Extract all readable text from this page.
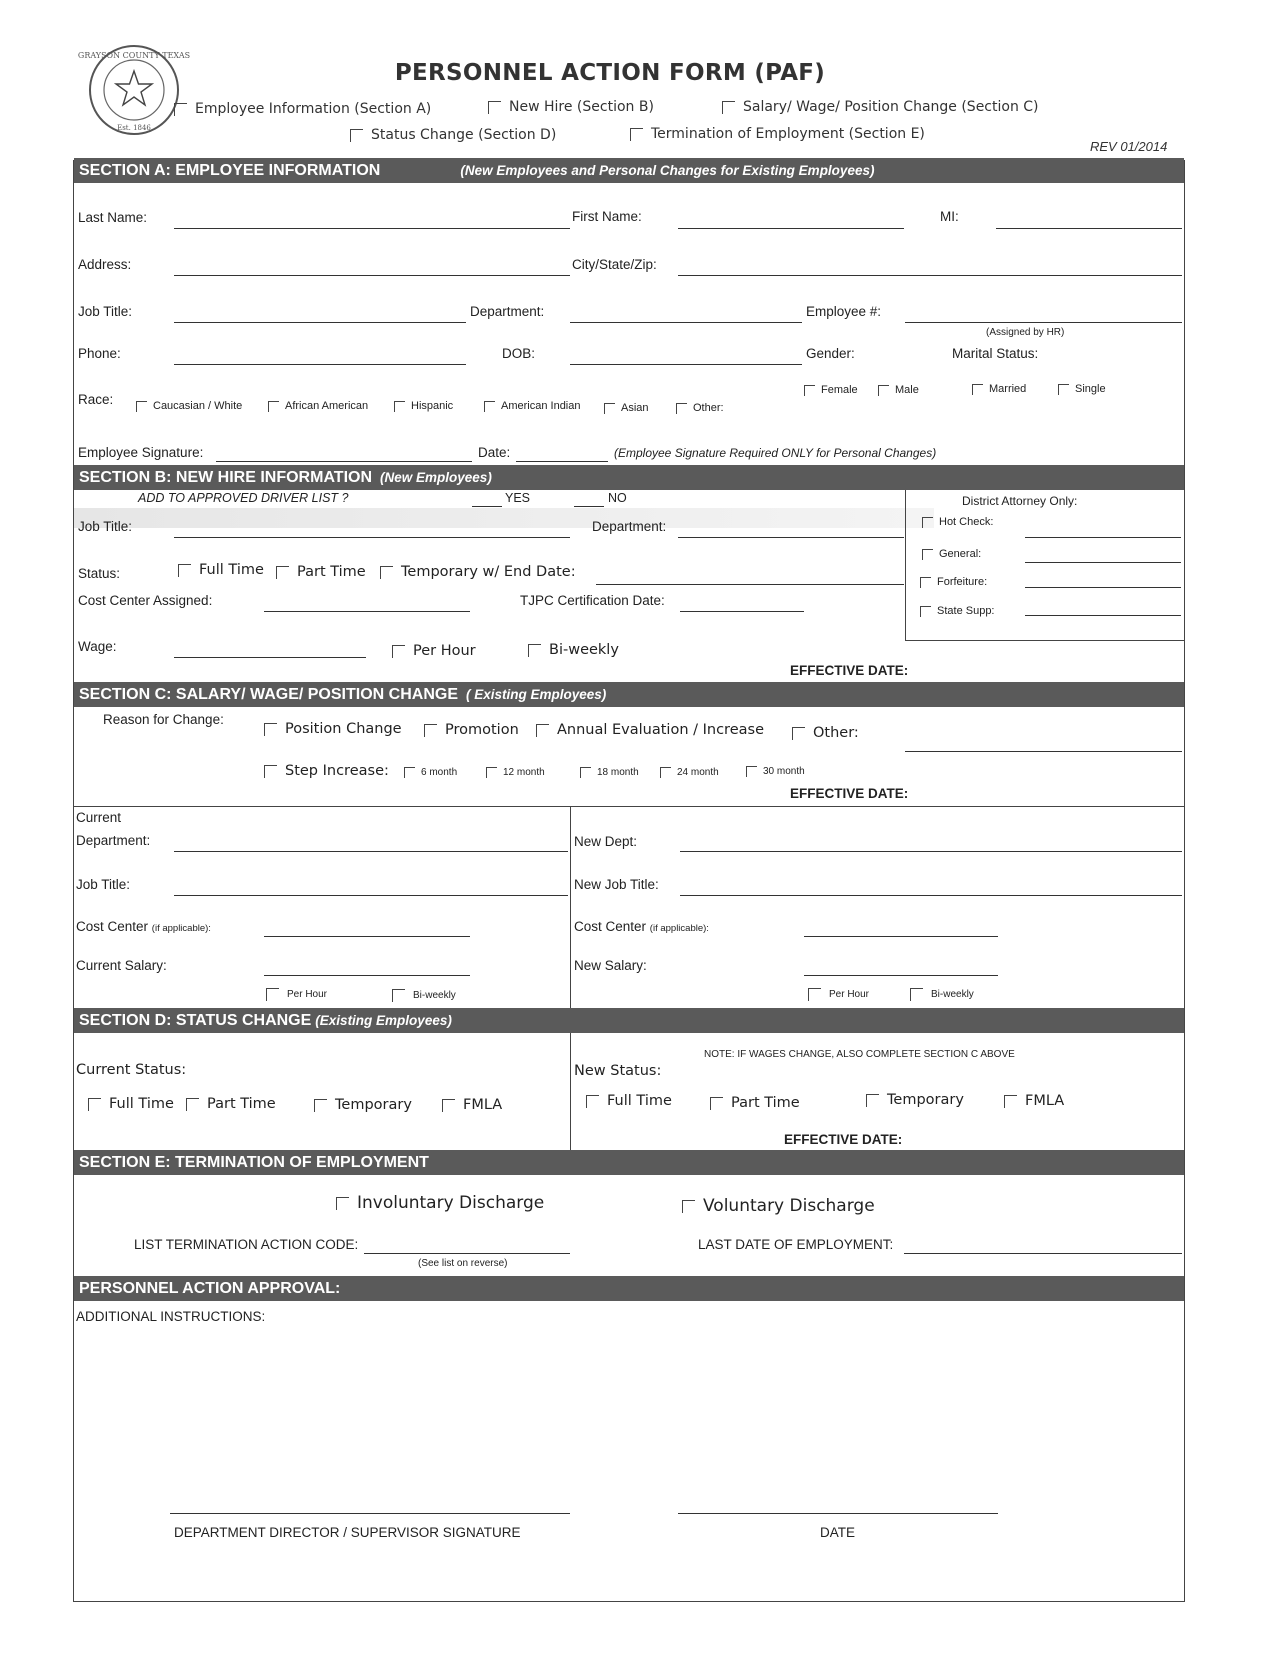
GRAYSON COUNTY TEXAS
Est. 1846
PERSONNEL ACTION FORM (PAF)
Employee Information (Section A)	New Hire (Section B)	Salary/ Wage/ Position Change (Section C)
Status Change (Section D)	Termination of Employment (Section E)
REV 01/2014
SECTION A: EMPLOYEE INFORMATION	(New Employees and Personal Changes for Existing Employees)
Last Name:	First Name:	MI:
Address:	City/State/Zip:
Job Title:	Department:	Employee #:
(Assigned by HR)
Phone:	DOB:	Gender:	Marital Status:
Race:	Caucasian / White	African American	Hispanic	American Indian	Asian	Other:
Female	Male	Married	Single
Employee Signature:	Date:	(Employee Signature Required ONLY for Personal Changes)
SECTION B: NEW HIRE INFORMATION (New Employees)
ADD TO APPROVED DRIVER LIST ?	YES	NO
Job Title:	Department:
Status:	Full Time	Part Time	Temporary w/ End Date:
Cost Center Assigned:	TJPC Certification Date:
Wage:	Per Hour	Bi-weekly
EFFECTIVE DATE:
District Attorney Only:
Hot Check:
General:
Forfeiture:
State Supp:
SECTION C: SALARY/ WAGE/ POSITION CHANGE ( Existing Employees)
Reason for Change:
Position Change	Promotion	Annual Evaluation / Increase	Other:
Step Increase:	6 month	12 month	18 month	24 month	30 month
EFFECTIVE DATE:
Current
Department:	New Dept:
Job Title:	New Job Title:
Cost Center (if applicable):	Cost Center (if applicable):
Current Salary:	New Salary:
Per Hour	Bi-weekly	Per Hour	Bi-weekly
SECTION D: STATUS CHANGE (Existing Employees)
NOTE: IF WAGES CHANGE, ALSO COMPLETE SECTION C ABOVE
Current Status:
Full Time	Part Time	Temporary	FMLA
New Status:
Full Time	Part Time	Temporary	FMLA
EFFECTIVE DATE:
SECTION E: TERMINATION OF EMPLOYMENT
Involuntary Discharge	Voluntary Discharge
LIST TERMINATION ACTION CODE:
(See list on reverse)
LAST DATE OF EMPLOYMENT:
PERSONNEL ACTION APPROVAL:
ADDITIONAL INSTRUCTIONS:
DEPARTMENT DIRECTOR / SUPERVISOR SIGNATURE	DATE
